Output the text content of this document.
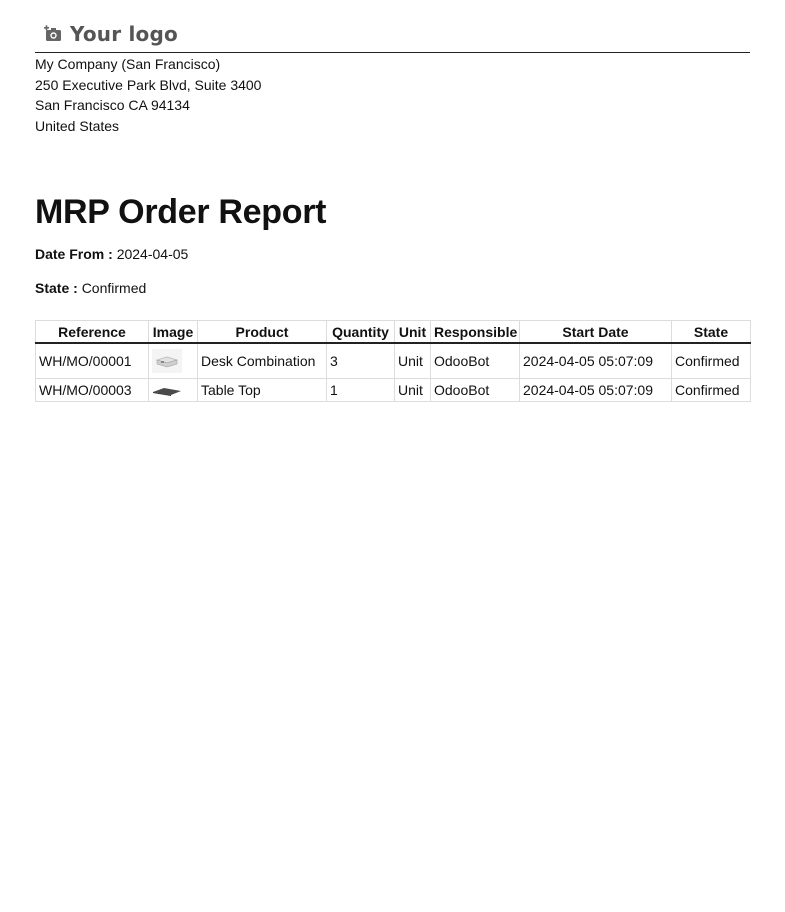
Your logo
My Company (San Francisco)
250 Executive Park Blvd, Suite 3400
San Francisco CA 94134
United States
MRP Order Report
Date From : 2024-04-05
State : Confirmed
Reference	Image	Product	Quantity	Unit	Responsible	Start Date	State
WH/MO/00001		Desk Combination	3	Unit	OdooBot	2024-04-05 05:07:09	Confirmed
WH/MO/00003		Table Top	1	Unit	OdooBot	2024-04-05 05:07:09	Confirmed
